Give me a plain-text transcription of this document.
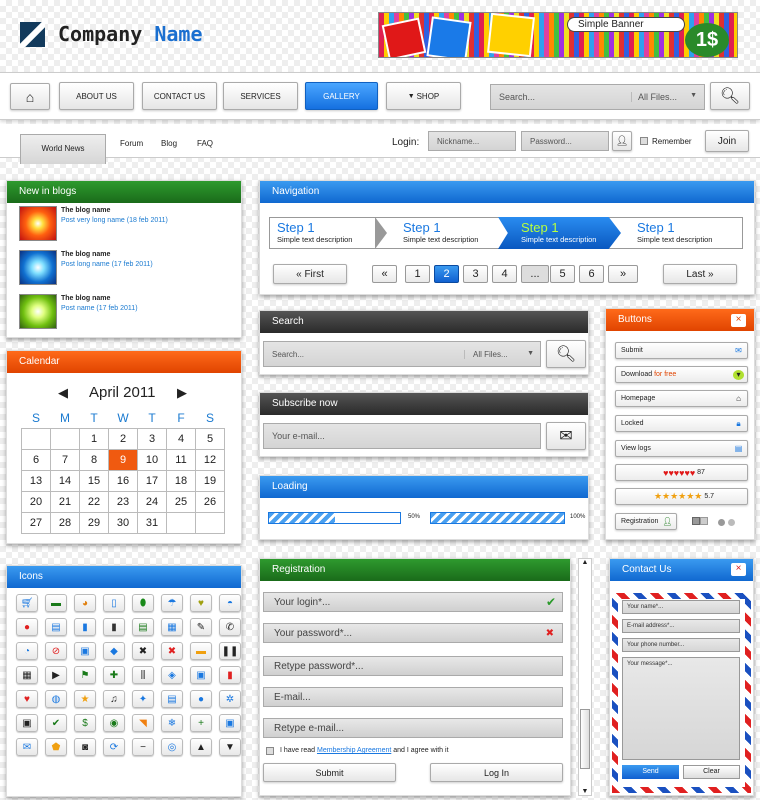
Company Name	Simple Banner
1$
⌂	ABOUT US	CONTACT US	SERVICES	GALLERY	▼ SHOP	Search...	All Files... ▼ 🔍︎
World News
Forum Blog FAQ	Login:	Nickname...	Password...	👤︎	Remember	Join
New in blogs
The blog name
Post very long name (18 feb 2011)
The blog name
Post long name (17 feb 2011)
The blog name
Post name (17 feb 2011)
Calendar
◀ April 2011 ▶
S	M	T	W	T	F	S
		1	2	3	4	5
6	7	8	9	10	11	12
13	14	15	16	17	18	19
20	21	22	23	24	25	26
27	28	29	30	31		
Icons
🛒︎	▬	◕	▯	⬮	☂	♥	◓
●	▤	▮	▮	▤	▦	✎	✆
◔	⊘	▣	◆	✖	✖	▬	❚❚
▦	▶	⚑	✚	⫼	◈	▣	▮
♥	◍	★	♫	✦	▤	●	✲
▣	✔	$	◉	◥	❄	+	▣
✉	⬟	◙	⟳	−	◎	▲	▼
Navigation
Step 1
Simple text description
Step 1
Simple text description
Step 1
Simple text description
Step 1
Simple text description
« First	«	1	2	3	4	...	5	6	»	Last »
Search
Search...	All Files...	▼ 🔍︎
Subscribe now
Your e-mail...	✉
Loading
50%	100%
Registration
Your login*...	✔
Your password*...	✖
Retype password*...
E-mail...
Retype e-mail...
I have read Membership Agreement and I agree with it
Submit	Log In
▲
▼
Buttons	×
Submit	✉
Download
for free	▾
Homepage	⌂
Locked	🔒︎
View logs	▤
♥♥♥♥♥♥
87
★★★★★★
5.7
Registration 👤︎

Contact Us	×
Your name*...
E-mail address*...
Your phone number...
Your message*...
Send	Clear
